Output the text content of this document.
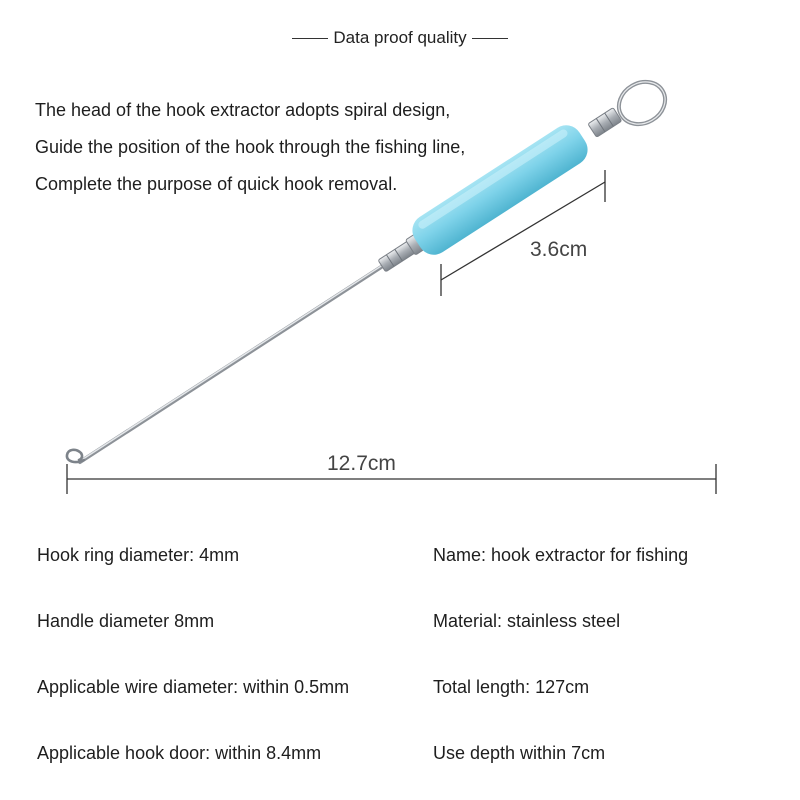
Data proof quality
The head of the hook extractor adopts spiral design,
Guide the position of the hook through the fishing line,
Complete the purpose of quick hook removal.
3.6cm
12.7cm
Hook ring diameter: 4mm
Handle diameter 8mm
Applicable wire diameter: within 0.5mm
Applicable hook door: within 8.4mm
Name: hook extractor for fishing
Material: stainless steel
Total length: 127cm
Use depth within 7cm
